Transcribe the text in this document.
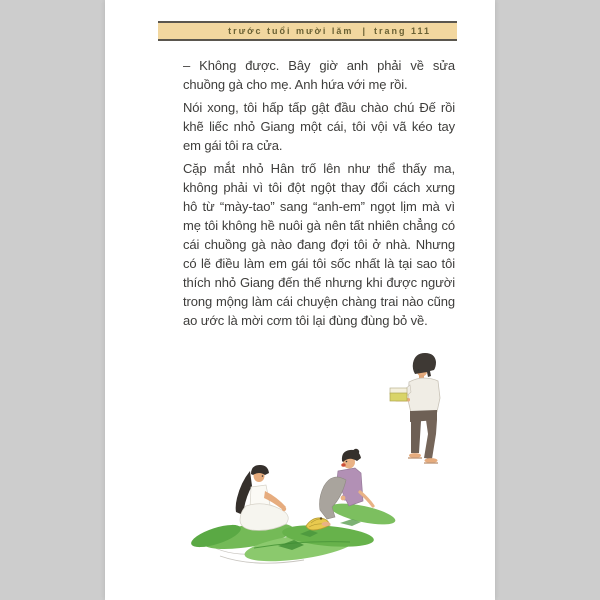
trước tuổi mười lăm | trang 111

– Không được. Bây giờ anh phải về sửa chuồng gà cho mẹ. Anh hứa với mẹ rồi.

Nói xong, tôi hấp tấp gật đầu chào chú Đế rồi khẽ liếc nhỏ Giang một cái, tôi vội vã kéo tay em gái tôi ra cửa.

Cặp mắt nhỏ Hân trố lên như thể thấy ma, không phải vì tôi đột ngột thay đổi cách xưng hô từ “mày-tao” sang “anh-em” ngọt lịm mà vì mẹ tôi không hề nuôi gà nên tất nhiên chẳng có cái chuồng gà nào đang đợi tôi ở nhà. Nhưng có lẽ điều làm em gái tôi sốc nhất là tại sao tôi thích nhỏ Giang đến thế nhưng khi được người trong mộng làm cái chuyện chàng trai nào cũng ao ước là mời cơm tôi lại đùng đùng bỏ về.
